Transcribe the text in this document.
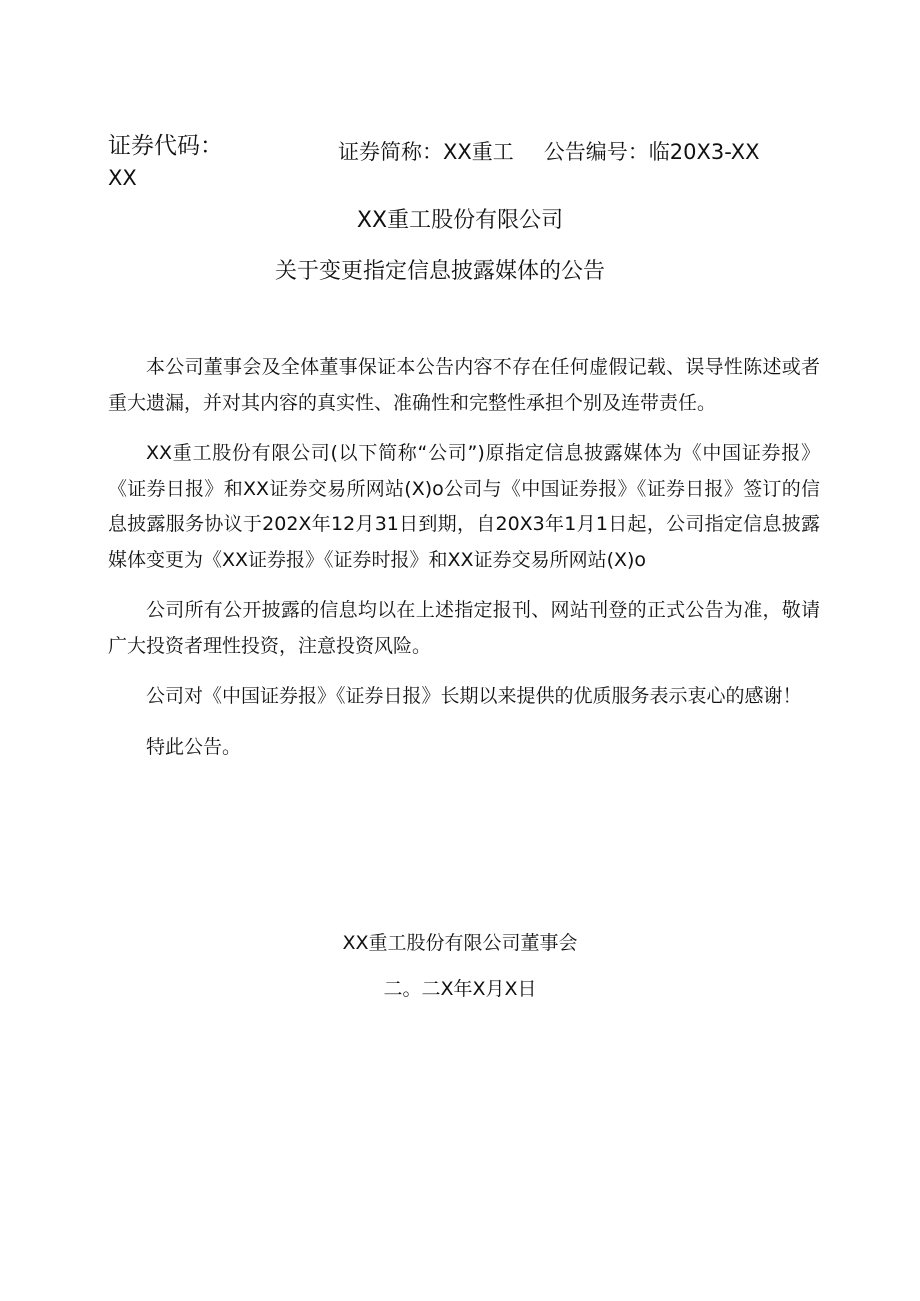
证券代码：	证券简称：XX重工 公告编号：临20X3-XX
XX
XX重工股份有限公司
关于变更指定信息披露媒体的公告

本公司董事会及全体董事保证本公告内容不存在任何虚假记载、误导性陈述或者重大遗漏，并对其内容的真实性、准确性和完整性承担个别及连带责任。

XX重工股份有限公司(以下简称“公司”)原指定信息披露媒体为《中国证券报》《证券日报》和XX证券交易所网站(X)o公司与《中国证券报》《证券日报》签订的信息披露服务协议于202X年12月31日到期，自20X3年1月1日起，公司指定信息披露媒体变更为《XX证券报》《证券时报》和XX证券交易所网站(X)o

公司所有公开披露的信息均以在上述指定报刊、网站刊登的正式公告为准，敬请广大投资者理性投资，注意投资风险。

公司对《中国证券报》《证券日报》长期以来提供的优质服务表示衷心的感谢！

特此公告。

XX重工股份有限公司董事会
二。二X年X月X日
